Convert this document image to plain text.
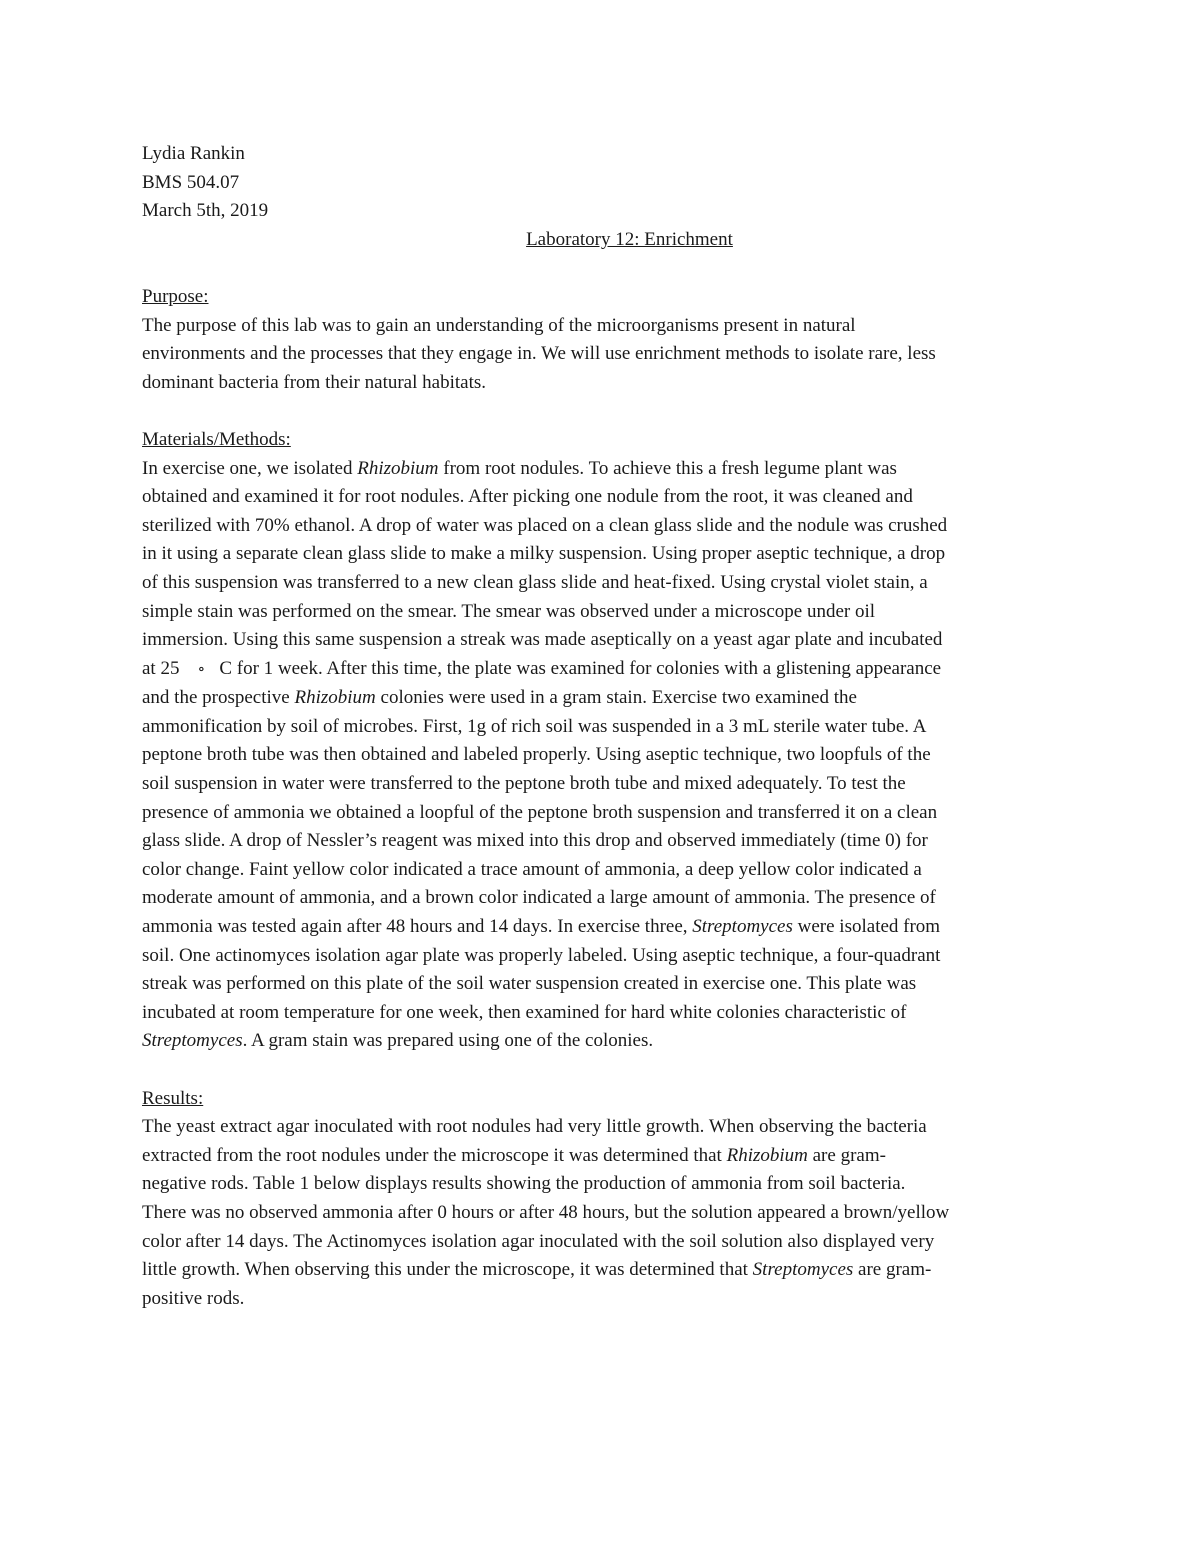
Lydia Rankin
BMS 504.07
March 5th, 2019
Laboratory 12: Enrichment
Purpose:
The purpose of this lab was to gain an understanding of the microorganisms present in natural
environments and the processes that they engage in. We will use enrichment methods to isolate rare, less
dominant bacteria from their natural habitats.
Materials/Methods:
In exercise one, we isolated Rhizobium from root nodules. To achieve this a fresh legume plant was
obtained and examined it for root nodules. After picking one nodule from the root, it was cleaned and
sterilized with 70% ethanol. A drop of water was placed on a clean glass slide and the nodule was crushed
in it using a separate clean glass slide to make a milky suspension. Using proper aseptic technique, a drop
of this suspension was transferred to a new clean glass slide and heat-fixed. Using crystal violet stain, a
simple stain was performed on the smear. The smear was observed under a microscope under oil
immersion. Using this same suspension a streak was made aseptically on a yeast agar plate and incubated
at 25 ∘ C for 1 week. After this time, the plate was examined for colonies with a glistening appearance
and the prospective Rhizobium colonies were used in a gram stain. Exercise two examined the
ammonification by soil of microbes. First, 1g of rich soil was suspended in a 3 mL sterile water tube. A
peptone broth tube was then obtained and labeled properly. Using aseptic technique, two loopfuls of the
soil suspension in water were transferred to the peptone broth tube and mixed adequately. To test the
presence of ammonia we obtained a loopful of the peptone broth suspension and transferred it on a clean
glass slide. A drop of Nessler’s reagent was mixed into this drop and observed immediately (time 0) for
color change. Faint yellow color indicated a trace amount of ammonia, a deep yellow color indicated a
moderate amount of ammonia, and a brown color indicated a large amount of ammonia. The presence of
ammonia was tested again after 48 hours and 14 days. In exercise three, Streptomyces were isolated from
soil. One actinomyces isolation agar plate was properly labeled. Using aseptic technique, a four-quadrant
streak was performed on this plate of the soil water suspension created in exercise one. This plate was
incubated at room temperature for one week, then examined for hard white colonies characteristic of
Streptomyces. A gram stain was prepared using one of the colonies.
Results:
The yeast extract agar inoculated with root nodules had very little growth. When observing the bacteria
extracted from the root nodules under the microscope it was determined that Rhizobium are gram-
negative rods. Table 1 below displays results showing the production of ammonia from soil bacteria.
There was no observed ammonia after 0 hours or after 48 hours, but the solution appeared a brown/yellow
color after 14 days. The Actinomyces isolation agar inoculated with the soil solution also displayed very
little growth. When observing this under the microscope, it was determined that Streptomyces are gram-
positive rods.
